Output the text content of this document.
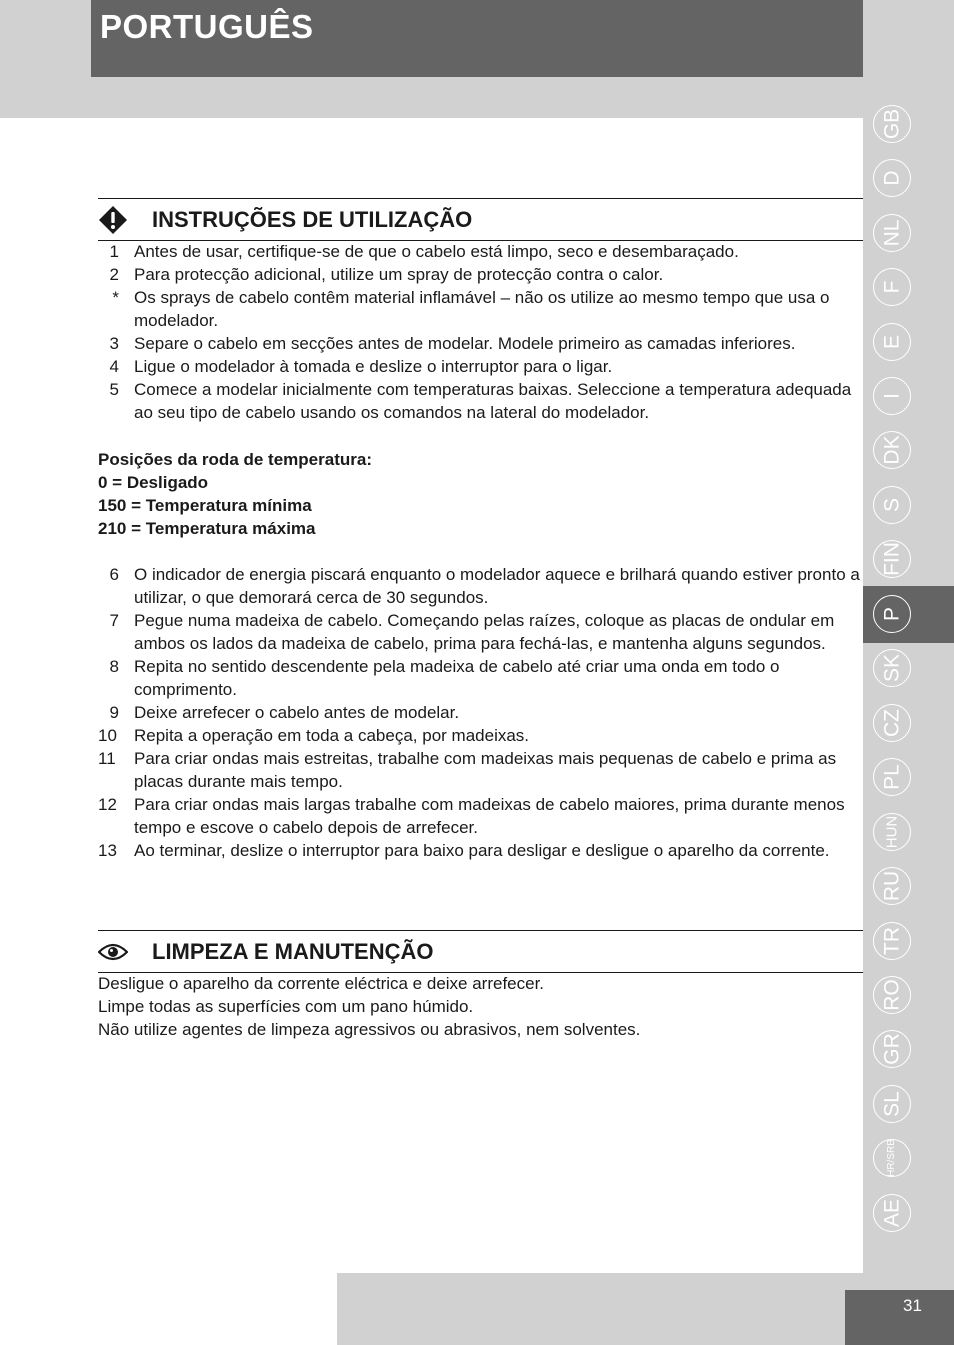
PORTUGUÊS
31
GB
D
NL
F
E
I
DK
S
FIN
P
SK
CZ
PL
HUN
RU
TR
RO
GR
SL
HR/SRB
AE
INSTRUÇÕES DE UTILIZAÇÃO
1 Antes de usar, certifique-se de que o cabelo está limpo, seco e desembaraçado.
2 Para protecção adicional, utilize um spray de protecção contra o calor.
* Os sprays de cabelo contêm material inflamável – não os utilize ao mesmo tempo que usa o modelador.
3 Separe o cabelo em secções antes de modelar. Modele primeiro as camadas inferiores.
4 Ligue o modelador à tomada e deslize o interruptor para o ligar.
5 Comece a modelar inicialmente com temperaturas baixas. Seleccione a temperatura adequada ao seu tipo de cabelo usando os comandos na lateral do modelador.
Posições da roda de temperatura:
0 = Desligado
150 = Temperatura mínima
210 = Temperatura máxima
6 O indicador de energia piscará enquanto o modelador aquece e brilhará quando estiver pronto a utilizar, o que demorará cerca de 30 segundos.
7 Pegue numa madeixa de cabelo. Começando pelas raízes, coloque as placas de ondular em ambos os lados da madeixa de cabelo, prima para fechá-las, e mantenha alguns segundos.
8 Repita no sentido descendente pela madeixa de cabelo até criar uma onda em todo o comprimento.
9 Deixe arrefecer o cabelo antes de modelar.
10	Repita a operação em toda a cabeça, por madeixas.
11	Para criar ondas mais estreitas, trabalhe com madeixas mais pequenas de cabelo e prima as placas durante mais tempo.
12	Para criar ondas mais largas trabalhe com madeixas de cabelo maiores, prima durante menos tempo e escove o cabelo depois de arrefecer.
13	Ao terminar, deslize o interruptor para baixo para desligar e desligue o aparelho da corrente.
LIMPEZA E MANUTENÇÃO
Desligue o aparelho da corrente eléctrica e deixe arrefecer.
Limpe todas as superfícies com um pano húmido.
Não utilize agentes de limpeza agressivos ou abrasivos, nem solventes.
